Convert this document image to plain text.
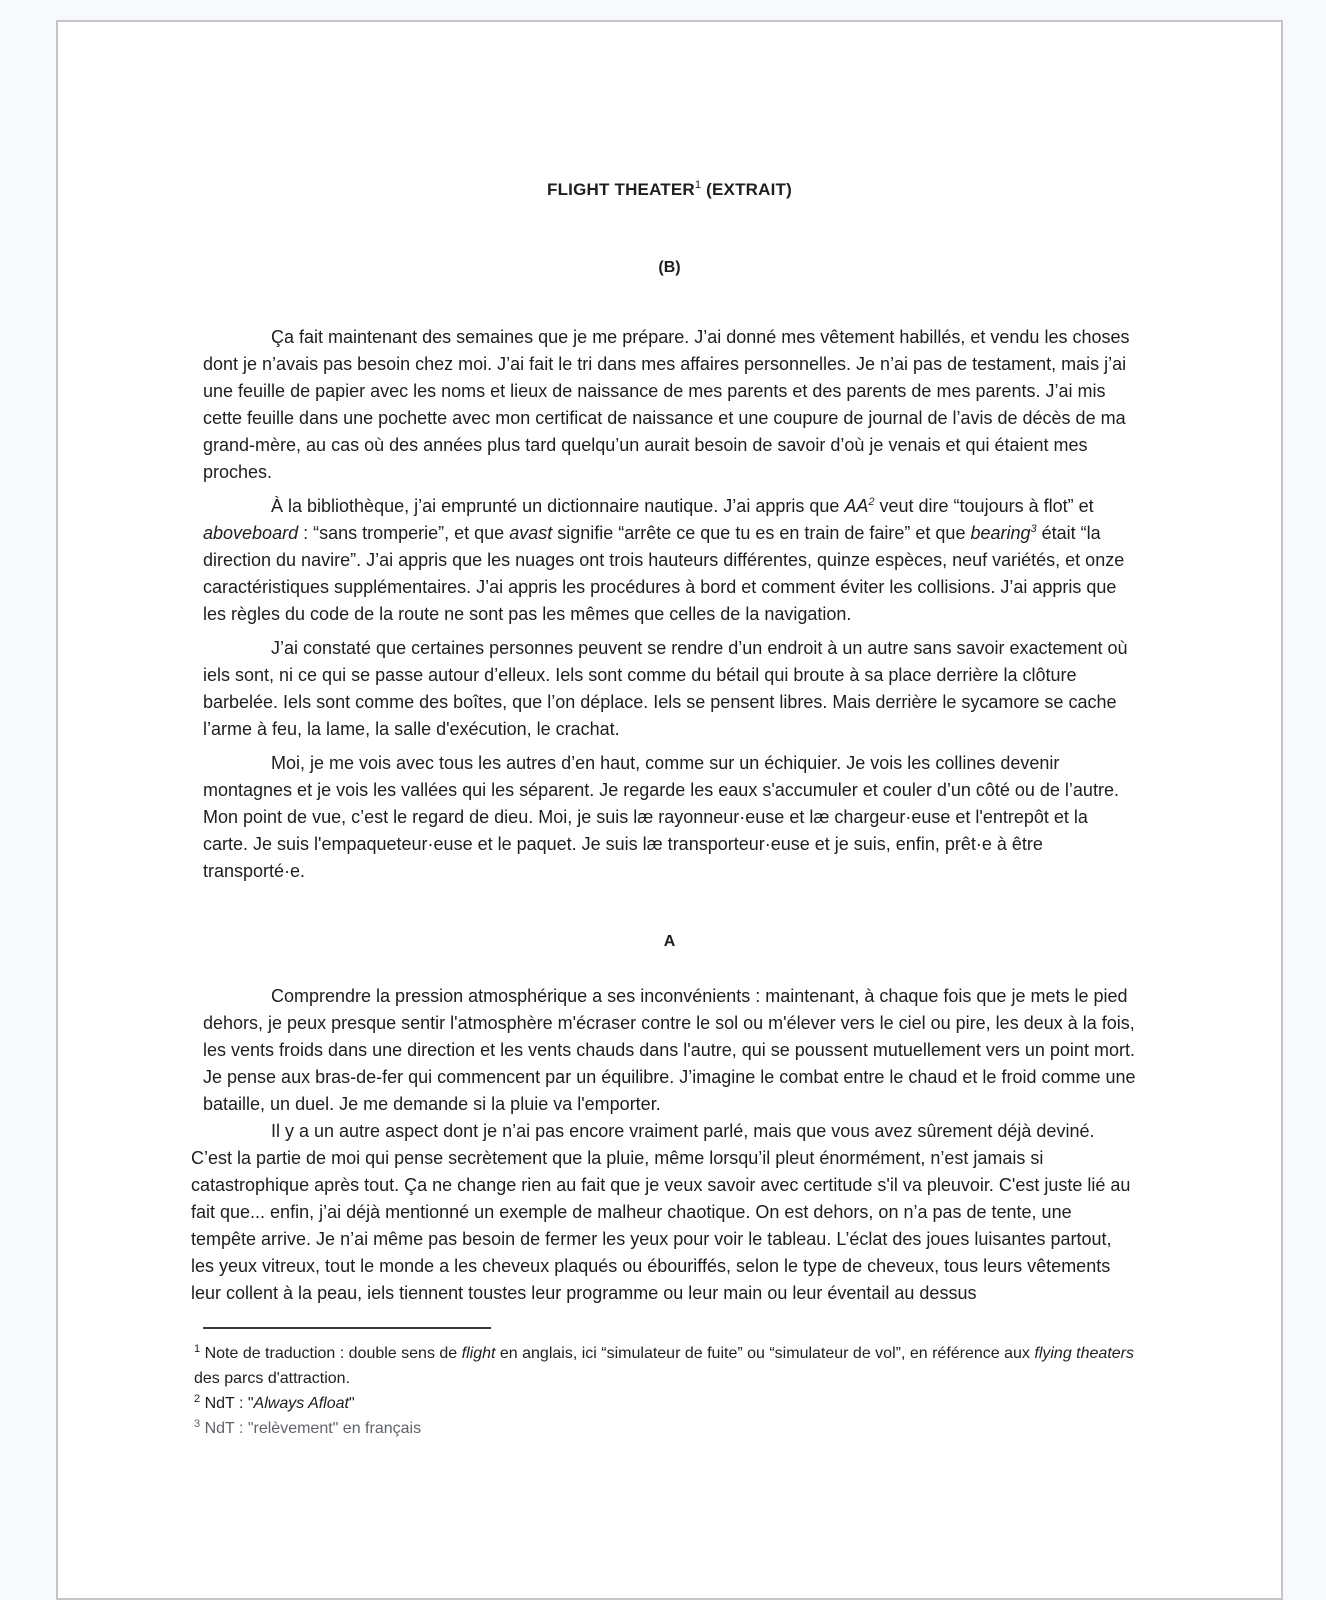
FLIGHT THEATER$^1$ (EXTRAIT)

(B)

Ça fait maintenant des semaines que je me prépare. J’ai donné mes vêtement habillés, et vendu les choses dont je n’avais pas besoin chez moi. J’ai fait le tri dans mes affaires personnelles. Je n’ai pas de testament, mais j’ai une feuille de papier avec les noms et lieux de naissance de mes parents et des parents de mes parents. J’ai mis cette feuille dans une pochette avec mon certificat de naissance et une coupure de journal de l’avis de décès de ma grand-mère, au cas où des années plus tard quelqu’un aurait besoin de savoir d’où je venais et qui étaient mes proches.

À la bibliothèque, j’ai emprunté un dictionnaire nautique. J’ai appris que $AA^2$ veut dire “toujours à flot” et aboveboard : “sans tromperie”, et que avast signifie “arrête ce que tu es en train de faire” et que bearing$^3$ était “la direction du navire”. J’ai appris que les nuages ont trois hauteurs différentes, quinze espèces, neuf variétés, et onze caractéristiques supplémentaires. J’ai appris les procédures à bord et comment éviter les collisions. J’ai appris que les règles du code de la route ne sont pas les mêmes que celles de la navigation.

J’ai constaté que certaines personnes peuvent se rendre d’un endroit à un autre sans savoir exactement où iels sont, ni ce qui se passe autour d’elleux. Iels sont comme du bétail qui broute à sa place derrière la clôture barbelée. Iels sont comme des boîtes, que l’on déplace. Iels se pensent libres. Mais derrière le sycamore se cache l’arme à feu, la lame, la salle d'exécution, le crachat.

Moi, je me vois avec tous les autres d’en haut, comme sur un échiquier. Je vois les collines devenir montagnes et je vois les vallées qui les séparent. Je regarde les eaux s'accumuler et couler d’un côté ou de l’autre. Mon point de vue, c’est le regard de dieu. Moi, je suis læ rayonneur·euse et læ chargeur·euse et l'entrepôt et la carte. Je suis l'empaqueteur·euse et le paquet. Je suis læ transporteur·euse et je suis, enfin, prêt·e à être transporté·e.

A

Comprendre la pression atmosphérique a ses inconvénients : maintenant, à chaque fois que je mets le pied dehors, je peux presque sentir l'atmosphère m'écraser contre le sol ou m'élever vers le ciel ou pire, les deux à la fois, les vents froids dans une direction et les vents chauds dans l'autre, qui se poussent mutuellement vers un point mort. Je pense aux bras-de-fer qui commencent par un équilibre. J’imagine le combat entre le chaud et le froid comme une bataille, un duel. Je me demande si la pluie va l'emporter.

Il y a un autre aspect dont je n’ai pas encore vraiment parlé, mais que vous avez sûrement déjà deviné. C’est la partie de moi qui pense secrètement que la pluie, même lorsqu’il pleut énormément, n’est jamais si catastrophique après tout. Ça ne change rien au fait que je veux savoir avec certitude s'il va pleuvoir. C'est juste lié au fait que... enfin, j’ai déjà mentionné un exemple de malheur chaotique. On est dehors, on n’a pas de tente, une tempête arrive. Je n’ai même pas besoin de fermer les yeux pour voir le tableau. L’éclat des joues luisantes partout, les yeux vitreux, tout le monde a les cheveux plaqués ou ébouriffés, selon le type de cheveux, tous leurs vêtements leur collent à la peau, iels tiennent toustes leur programme ou leur main ou leur éventail au dessus

$^1$ Note de traduction : double sens de flight en anglais, ici “simulateur de fuite” ou “simulateur de vol”, en référence aux flying theaters des parcs d'attraction.

$^2$ NdT : "Always Afloat"

$^3$ NdT : "relèvement" en français
